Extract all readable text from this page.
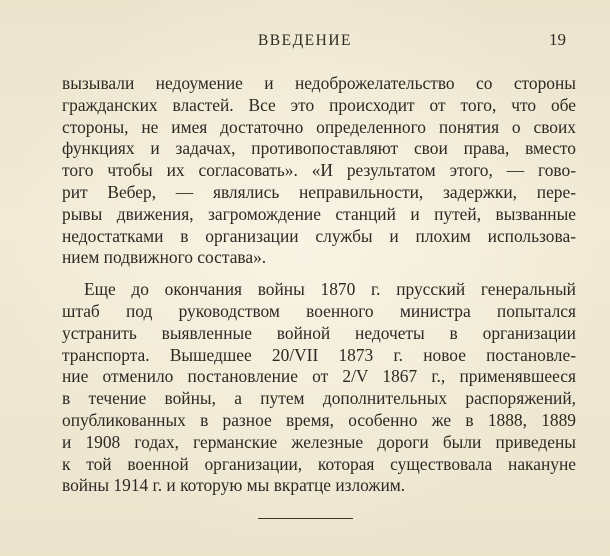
ВВЕДЕНИЕ	19
вызывали недоумение и недоброжелательство со стороны
гражданских властей. Все это происходит от того, что обе
стороны, не имея достаточно определенного понятия о своих
функциях и задачах, противопоставляют свои права, вместо
того чтобы их согласовать». «И результатом этого, — гово-
рит Вебер, — являлись неправильности, задержки, пере-
рывы движения, загромождение станций и путей, вызванные
недостатками в организации службы и плохим использова-
нием подвижного состава».
Еще до окончания войны 1870 г. прусский генеральный
штаб под руководством военного министра попытался
устранить выявленные войной недочеты в организации
транспорта. Вышедшее 20/VII 1873 г. новое постановле-
ние отменило постановление от 2/V 1867 г., применявшееся
в течение войны, а путем дополнительных распоряжений,
опубликованных в разное время, особенно же в 1888, 1889
и 1908 годах, германские железные дороги были приведены
к той военной организации, которая существовала накануне
войны 1914 г. и которую мы вкратце изложим.
